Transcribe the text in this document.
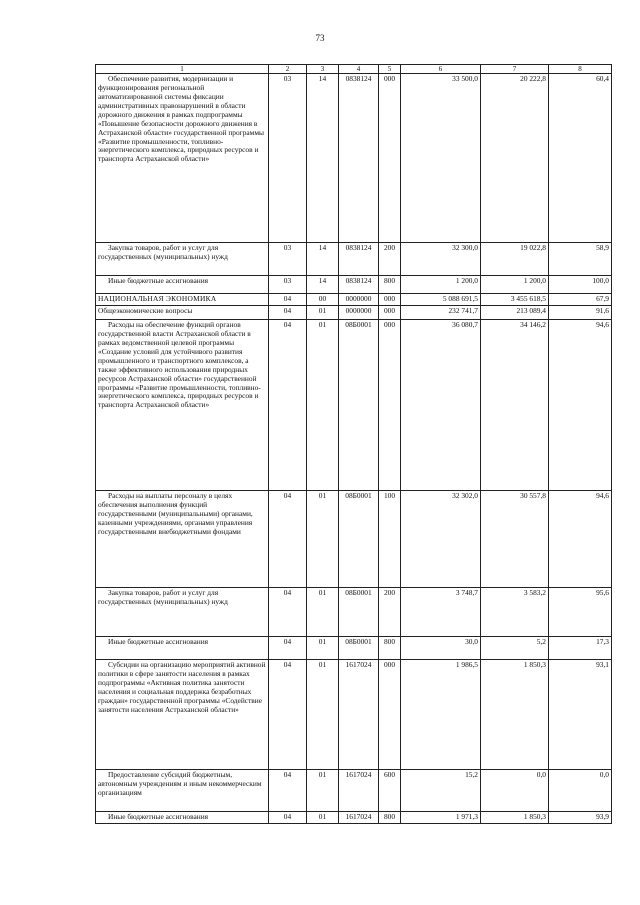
73
1	2	3	4	5	6	7	8
Обеспечение развития, модернизации и функционирования региональной автоматизированной системы фиксации административных правонарушений в области дорожного движения в рамках подпрограммы «Повышение безопасности дорожного движения в Астраханской области» государственной программы «Развитие промышленности, топливно-энергетического комплекса, природных ресурсов и транспорта Астраханской области»	03	14	0838124	000	33 500,0	20 222,8	60,4
Закупка товаров, работ и услуг для государственных (муниципальных) нужд	03	14	0838124	200	32 300,0	19 022,8	58,9
Иные бюджетные ассигнования	03	14	0838124	800	1 200,0	1 200,0	100,0
НАЦИОНАЛЬНАЯ ЭКОНОМИКА	04	00	0000000	000	5 088 691,5	3 455 618,5	67,9
Общеэкономические вопросы	04	01	0000000	000	232 741,7	213 089,4	91,6
Расходы на обеспечение функций органов государственной власти Астраханской области в рамках ведомственной целевой программы «Создание условий для устойчивого развития промышленного и транспортного комплексов, а также эффективного использования природных ресурсов Астраханской области» государственной программы «Развитие промышленности, топливно-энергетического комплекса, природных ресурсов и транспорта Астраханской области»	04	01	08Б0001	000	36 080,7	34 146,2	94,6
Расходы на выплаты персоналу в целях обеспечения выполнения функций государственными (муниципальными) органами, казенными учреждениями, органами управления государственными внебюджетными фондами	04	01	08Б0001	100	32 302,0	30 557,8	94,6
Закупка товаров, работ и услуг для государственных (муниципальных) нужд	04	01	08Б0001	200	3 748,7	3 583,2	95,6
Иные бюджетные ассигнования	04	01	08Б0001	800	30,0	5,2	17,3
Субсидии на организацию мероприятий активной политики в сфере занятости населения в рамках подпрограммы «Активная политика занятости населения и социальная поддержка безработных граждан» государственной программы «Содействие занятости населения Астраханской области»	04	01	1617024	000	1 986,5	1 850,3	93,1
Предоставление субсидий бюджетным, автономным учреждениям и иным некоммерческим организациям	04	01	1617024	600	15,2	0,0	0,0
Иные бюджетные ассигнования	04	01	1617024	800	1 971,3	1 850,3	93,9
